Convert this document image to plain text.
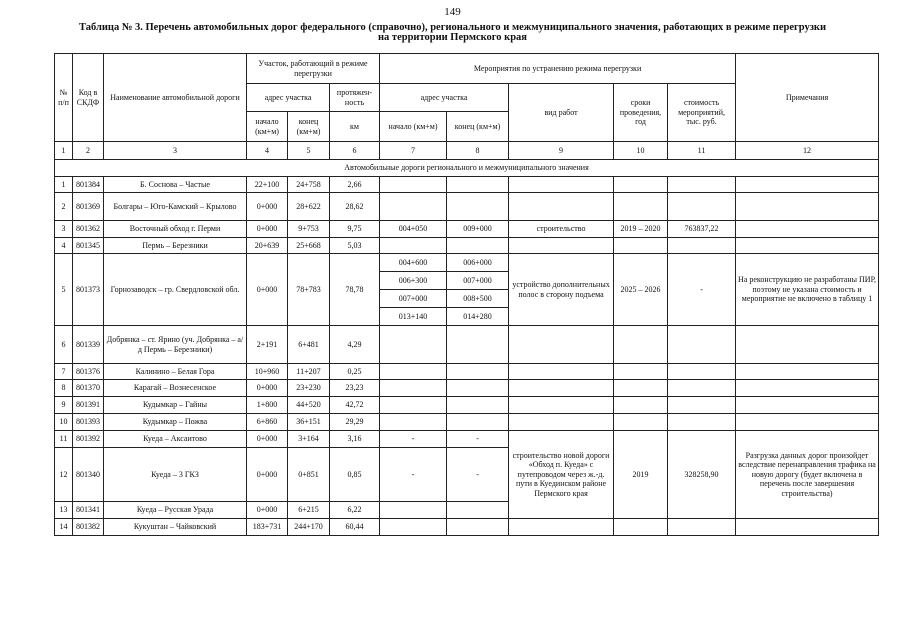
149
Таблица № 3. Перечень автомобильных дорог федерального (справочно), регионального и межмуниципального значения, работающих в режиме перегрузки
на территории Пермского края
№ п/п	Код в СКДФ	Наименование автомобильной дороги	Участок, работающий в режиме перегрузки			Мероприятия по устранению режима перегрузки					Примечания
			адрес участка		протяжен-ность	адрес участка		вид работ	сроки проведения, год	стоимость мероприятий, тыс. руб.	
			начало (км+м)	конец (км+м)	км	начало (км+м)	конец (км+м)				
1	2	3	4	5	6	7	8	9	10	11	12
Автомобильные дороги регионального и межмуниципального значения											
1	801384	Б. Соснова – Частые	22+100	24+758	2,66						
2	801369	Болгары – Юго-Камский – Крылово	0+000	28+622	28,62						
3	801362	Восточный обход г. Перми	0+000	9+753	9,75	004+050	009+000	строительство	2019 – 2020	763837,22	
4	801345	Пермь – Березники	20+639	25+668	5,03						
5	801373	Горнозаводск – гр. Свердловской обл.	0+000	78+783	78,78	004+600	006+000	устройство дополнительных полос в сторону подъема	2025 – 2026	-	На реконструкцию не разработаны ПИР, поэтому не указана стоимость и мероприятие не включено в таблицу 1
						006+300	007+000				
						007+000	008+500				
						013+140	014+280				
6	801339	Добрянка – ст. Ярино (уч. Добрянка – а/д Пермь – Березники)	2+191	6+481	4,29						
7	801376	Калинино – Белая Гора	10+960	11+207	0,25						
8	801370	Карагай – Вознесенское	0+000	23+230	23,23						
9	801391	Кудымкар – Гайны	1+800	44+520	42,72						
10	801393	Кудымкар – Пожва	6+860	36+151	29,29						
11	801392	Куеда – Аксаитово	0+000	3+164	3,16	-	-	строительство новой дороги «Обход п. Куеда» с путепроводом через ж.-д. пути в Куединском районе Пермского края	2019	328258,90	Разгрузка данных дорог произойдет вследствие перенаправления трафика на новую дорогу (будет включена в перечень после завершения строительства)
12	801340	Куеда – 3 ГКЗ	0+000	0+851	0,85	-	-				
13	801341	Куеда – Русская Урада	0+000	6+215	6,22						
14	801382	Кукуштан – Чайковский	183+731	244+170	60,44						
